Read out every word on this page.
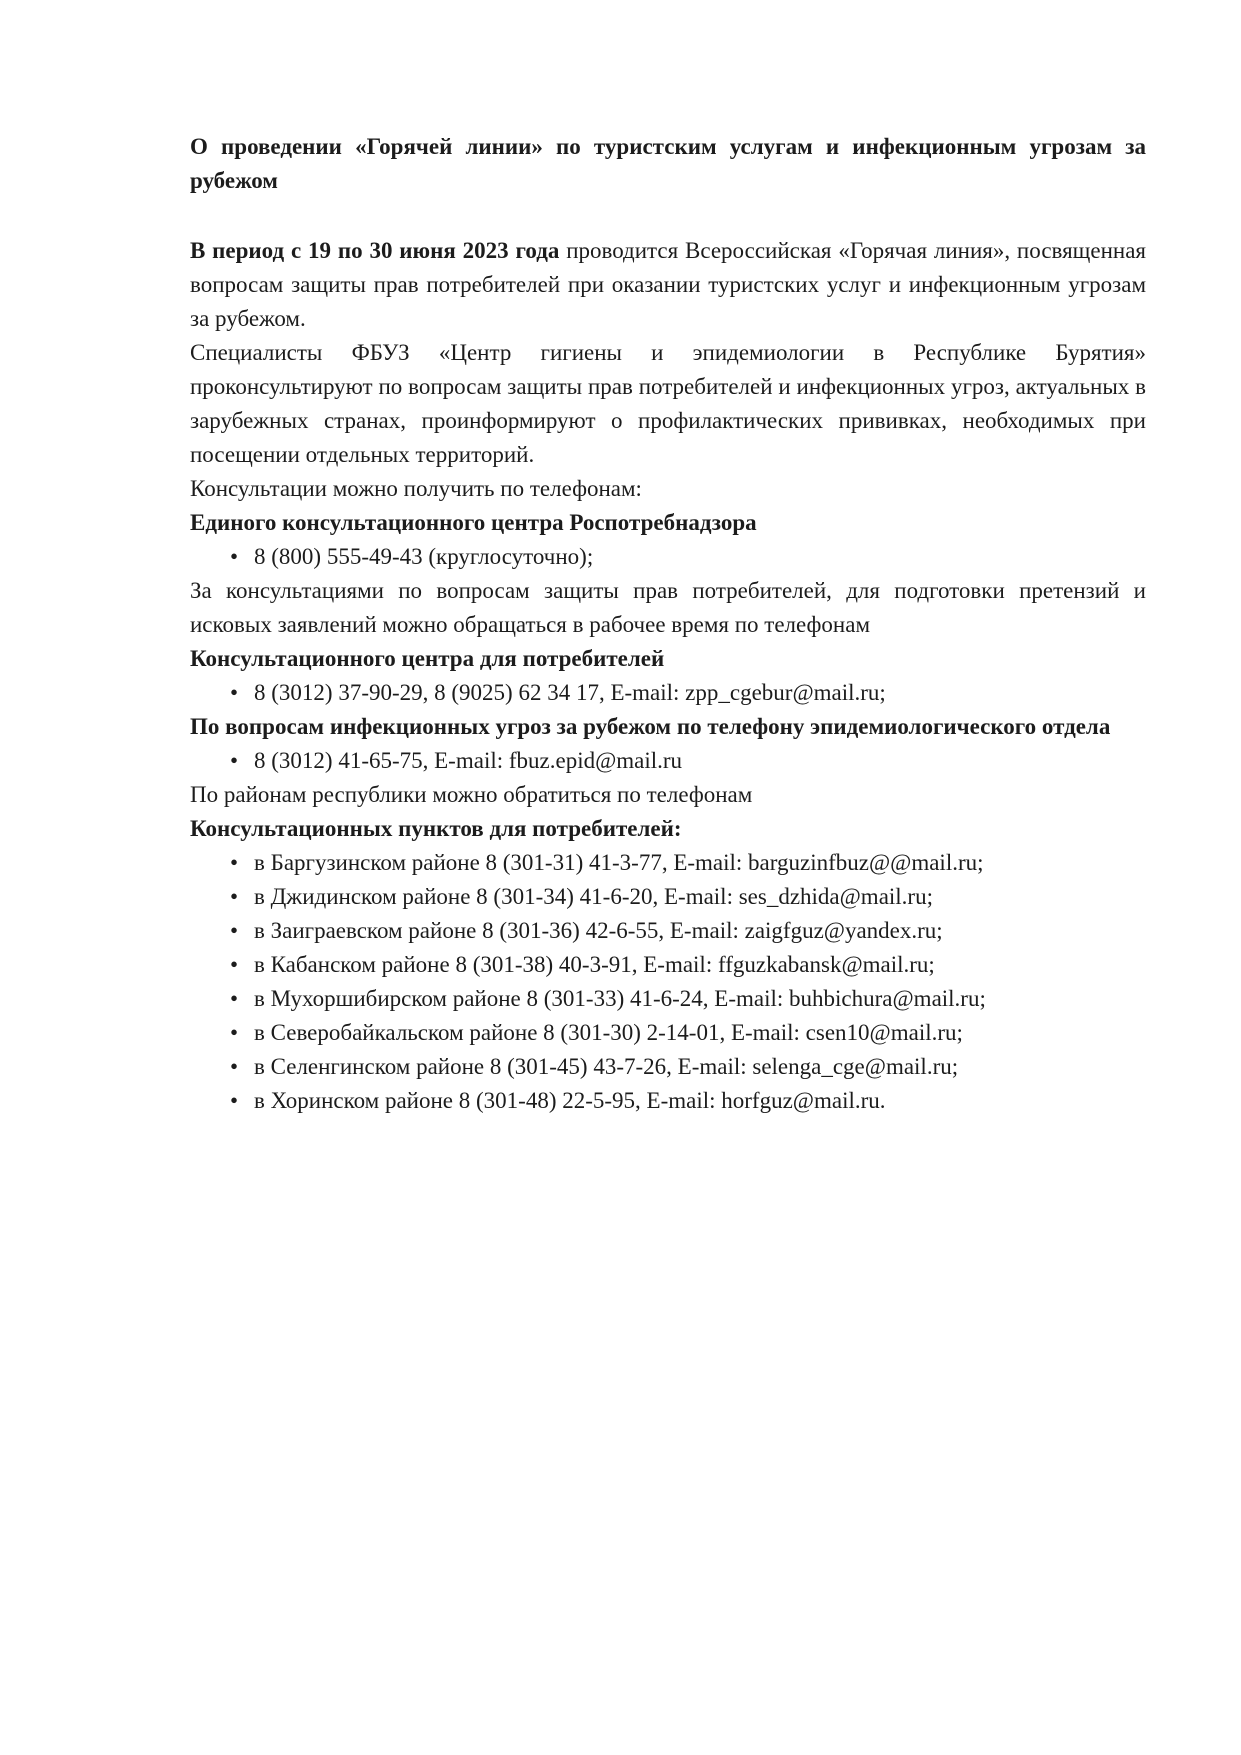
О проведении «Горячей линии» по туристским услугам и инфекционным угрозам за рубежом

В период с 19 по 30 июня 2023 года проводится Всероссийская «Горячая линия», посвященная вопросам защиты прав потребителей при оказании туристских услуг и инфекционным угрозам за рубежом.

Специалисты ФБУЗ «Центр гигиены и эпидемиологии в Республике Бурятия» проконсультируют по вопросам защиты прав потребителей и инфекционных угроз, актуальных в зарубежных странах, проинформируют о профилактических прививках, необходимых при посещении отдельных территорий.

Консультации можно получить по телефонам:

Единого консультационного центра Роспотребнадзора

• 8 (800) 555-49-43 (круглосуточно);

За консультациями по вопросам защиты прав потребителей, для подготовки претензий и исковых заявлений можно обращаться в рабочее время по телефонам

Консультационного центра для потребителей

• 8 (3012) 37-90-29, 8 (9025) 62 34 17, E-mail: zpp_cgebur@mail.ru;

По вопросам инфекционных угроз за рубежом по телефону эпидемиологического отдела

• 8 (3012) 41-65-75, E-mail: fbuz.epid@mail.ru

По районам республики можно обратиться по телефонам

Консультационных пунктов для потребителей:

• в Баргузинском районе 8 (301-31) 41-3-77, E-mail: barguzinfbuz@@mail.ru;
• в Джидинском районе 8 (301-34) 41-6-20, E-mail: ses_dzhida@mail.ru;
• в Заиграевском районе 8 (301-36) 42-6-55, E-mail: zaigfguz@yandex.ru;
• в Кабанском районе 8 (301-38) 40-3-91, E-mail: ffguzkabansk@mail.ru;
• в Мухоршибирском районе 8 (301-33) 41-6-24, E-mail: buhbichura@mail.ru;
• в Северобайкальском районе 8 (301-30) 2-14-01, E-mail: csen10@mail.ru;
• в Селенгинском районе 8 (301-45) 43-7-26, E-mail: selenga_cge@mail.ru;
• в Хоринском районе 8 (301-48) 22-5-95, E-mail: horfguz@mail.ru.
